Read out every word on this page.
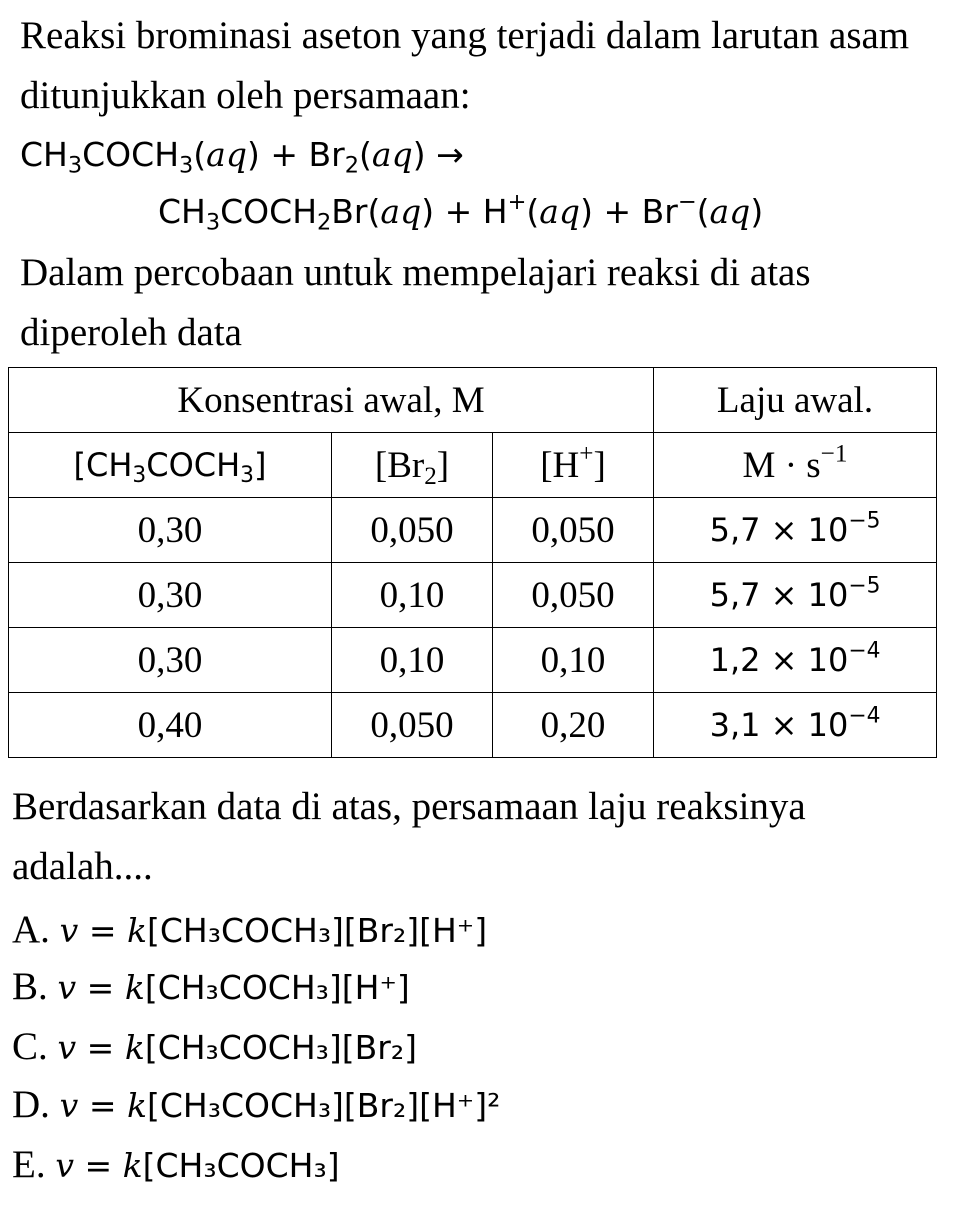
Reaksi brominasi aseton yang terjadi dalam larutan asam ditunjukkan oleh persamaan:

$CH_3COCH_3(aq) + Br_2(aq)$ →
$CH_3COCH_2Br(aq) + H^+(aq) + Br^-(aq)$

Dalam percobaan untuk mempelajari reaksi di atas diperoleh data

Konsentrasi awal, M			Laju awal.
$[CH_3COCH_3]$	$[Br_2]$	[H+]	$M \cdot s^{-1}$
0,30	0,050	0,050	$5,7 \times 10^{-5}$
0,30	0,10	0,050	$5,7 \times 10^{-5}$
0,30	0,10	0,10	$1,2 \times 10^{-4}$
0,40	0,050	0,20	$3,1 \times 10^{-4}$

Berdasarkan data di atas, persamaan laju reaksinya adalah....

A. v = k[CH₃COCH₃][Br₂][H⁺]
B. v = k[CH₃COCH₃][H⁺]
C. v = k[CH₃COCH₃][Br₂]
D. v = k[CH₃COCH₃][Br₂][H⁺]²
E. v = k[CH₃COCH₃]
